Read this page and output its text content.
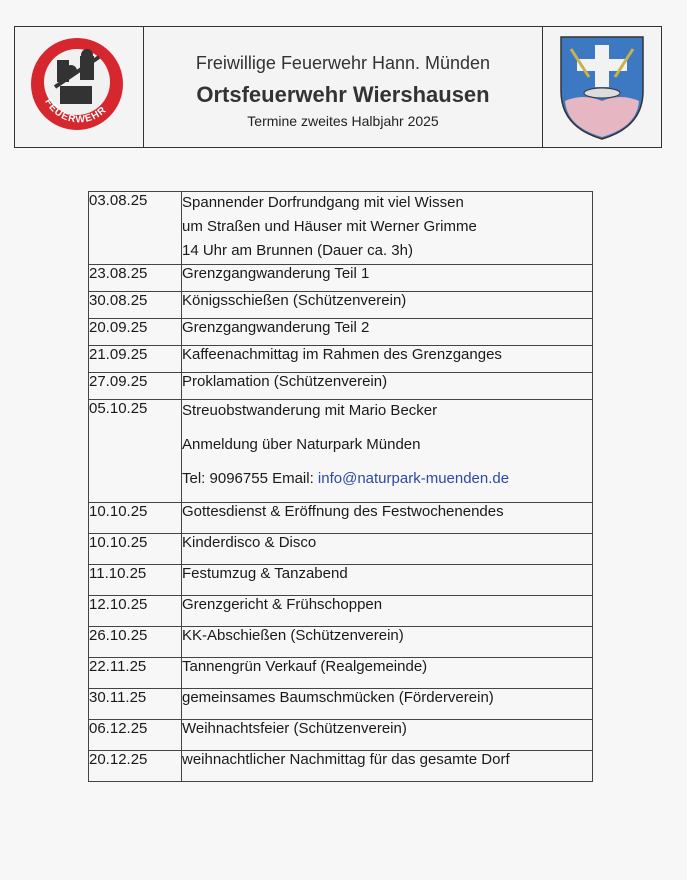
FEUERWEHR
Freiwillige Feuerwehr Hann. Münden
Ortsfeuerwehr Wiershausen
Termine zweites Halbjahr 2025
03.08.25	Spannender Dorfrundgang mit viel Wissen
um Straßen und Häuser mit Werner Grimme
14 Uhr am Brunnen (Dauer ca. 3h)

23.08.25	Grenzgangwanderung Teil 1
30.08.25	Königsschießen (Schützenverein)
20.09.25	Grenzgangwanderung Teil 2
21.09.25	Kaffeenachmittag im Rahmen des Grenzganges
27.09.25	Proklamation (Schützenverein)
05.10.25	Streuobstwanderung mit Mario Becker
Anmeldung über Naturpark Münden
Tel: 9096755 Email: info@naturpark-muenden.de

10.10.25	Gottesdienst & Eröffnung des Festwochenendes
10.10.25	Kinderdisco & Disco
11.10.25	Festumzug & Tanzabend
12.10.25	Grenzgericht & Frühschoppen
26.10.25	KK-Abschießen (Schützenverein)
22.11.25	Tannengrün Verkauf (Realgemeinde)
30.11.25	gemeinsames Baumschmücken (Förderverein)
06.12.25	Weihnachtsfeier (Schützenverein)
20.12.25	weihnachtlicher Nachmittag für das gesamte Dorf
